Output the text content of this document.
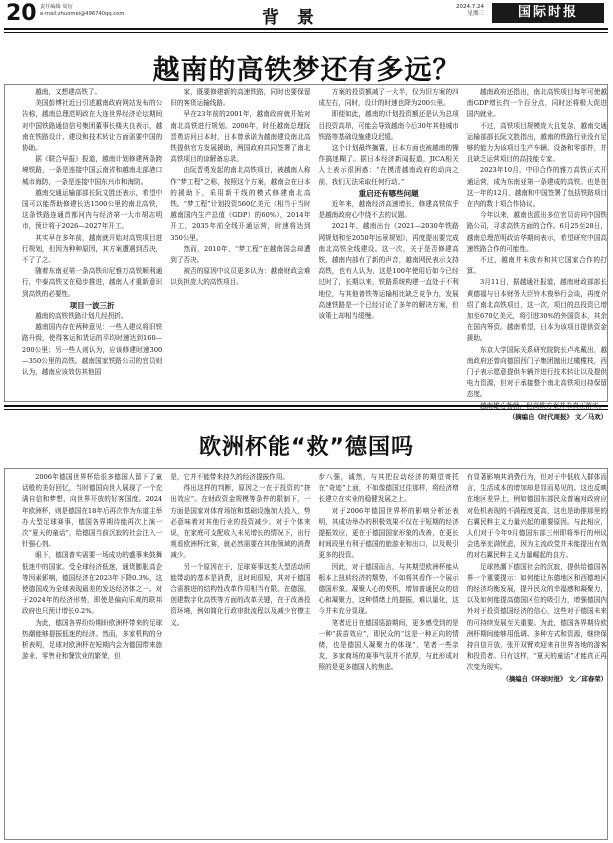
20 责任编辑 周衍
e-mail:zhuomei@496740qq.com	背 景
2024.7.24
星期三	国际时报
越南的高铁梦还有多远？

越南，又想建高铁了。

美国彭博社近日引述越南政府网站发布的公告称，越南总理范明政在大连世界经济论坛期间对中国铁路通信信号集团董事长楼夫良表示，越南在铁路设计、建设和技术转让方面需要中国的协助。

据《联合早报》报道，越南计划修建两条跨境铁路，一条是连接中国云南省和越南北部港口城市海防，一条是连接中国东兴市和海防。

越南交通运输部部长阮文胜还表示，希望中国可以能帮助修建长达1500公里的南北高铁，这条铁路连通首都河内与经济第一大市胡志明市，预计将于2026—2027年开工。

其实早在多年前，越南就开始对高铁项目进行规划，但因为种种原因，其方案遭遇到否决，不了了之。

随着东南亚第一条高铁印尼雅万高铁顺利通行，中泰高铁又在稳步推进，越南人才重新意识到高铁的必要性。

项目一波三折

越南的高铁铁路计划几经拐折。

越南国内存在两种意见：一些人建议将旧铁路升级，使得客运和货运的平均时速达到160—200公里；另一些人则认为，应该修建时速300—350公里的高铁。越南国家铁路公司的官员则认为，越南应该效仿其他国

家，既要修建新的高速铁路，同时也要保留旧的客货运输线路。

早在23年前的2001年，越南政府就开始对南北高铁进行规划。2006年，时任越南总理阮晋勇访问日本时，日本曾承诺为越南建设南北高铁提供官方发展援助，两国政府共同签署了南北高铁项目的谅解备忘录。

由阮晋勇发起的南北高铁项目，被越南人称作“梦工程”之称，按照这个方案，越南会在日本的援助下，采用新干线的模式修建南北高铁。“梦工程”计划投资560亿美元（相当于当时越南国内生产总值（GDP）的60%），2014年开工，2035年前全线开通运营，时速将达到350公里。

然而，2010年，“梦工程”在越南国会却遭到了否决。

被否的原因中议员更多认为：越南财政会难以负担庞大的高铁项目。

方案的投资额减了一大半，仅为旧方案的四成左右，同时，设计的时速也降为200公里。

即便如此，越南的计划投资额还是认为总项目投资高昂，可能会导致越南今后30年其他城市铁路等基础设施建设迟缓。

这个计划最终搁置，日本方面也被越南的操作搞迷糊了。据日本经济新闻报道，JICA相关人士表示很困惑：“在摸清越南政府的动向之前，我们无法采取任何行动。”

重启还有哪些问题

近年来，越南经济高速增长，修建高铁似乎是越南政府心中绕不去的议题。

2021年，越南出台《2021—2030年铁路网规划和至2050年远景规划》，再度提出要完成南北高铁全线建设。这一次，关于是否修建高铁，越南内部有了新的声音，越南网民表示支持高铁，也有人认为，这是100年使用后如今已经过时了，长期以来，铁路系统构建一直处于不利地位，与其他普铁等运输相比缺乏竞争力，发展高速铁路是一个已经讨论了多年的解决方案，但该策上却相当缓慢。

越南政府还指出，南北高铁项目每年可使越南GDP增长约一个百分点，同时还将极大促进国内就业。

不过，高铁项目规模庞大且复杂，越南交通运输部部长阮文胜指出，越南的铁路行业没有足够的能力为该项目生产车辆、设备和零部件，并且缺乏运营项目的高技能专家。

2023年10月，中印合作的雅万高铁正式开通运营，成为东南亚第一条建成的高铁。也是在这一年的12月，越南和中国签署了包括铁路项目在内的数十项合作协议。

今年以来，越南也派出多位官员访问中国铁路公司，寻求高铁方面的合作。6月25至28日，越南总理范明政访华期间表示，希望研究中国高速铁路合作的可能性。

不过，越南并未放弃和其它国家合作的打算。

3月11日，据越通社报道，越南财政部部长黄德福与日本财务大臣铃木俊举行会谈，再度介绍了南北高铁项目，这一次，项目的总投资已增加至670亿美元，将引进30%的外国资本，其余在国内筹资。越南希望，日本为该项目提供资金援助。

东京大学国际关系研究院院长卢兆戴出，越南政府还曾向德国西门子集团抛出过橄榄枝，西门子表示愿意提供车辆并进行技术转让以及提供电力资源，但对于承接整个南北高铁项目持保留态度。

越南雄心勃勃，但高铁方案并未真正落实。

（摘编自《时代周报》 文／马欢）

欧洲杯能“救”德国吗

2006年德国世界杯给很多德国人留下了童话般的美好回忆，当时德国向世人展现了一个充满自信和梦想，向世界开放的好客国度。2024年欧洲杯，则是德国在18年后再次作为东道主举办大型足球赛事，德国各界期待能再次上演一次“夏天的童话”，给德国当前沉寂的社会注入一针强心剂。

眼下，德国普实需要一场成功的盛事来鼓舞低迷中的国家。受全球经济低迷，通货膨胀高企等因素影响，德国经济在2023年下降0.3%，这使德国成为全球表现最差的发达经济体之一。对于2024年的经济形势，即使是偏向乐观的联邦政府也只预计增长0.2%。

为此，德国各界纷纷期盼欧洲杯带来的足球热潮能够提振低迷的经济。然而，多家机构的分析表明，足球对欧洲杯在短期内会为德国带来旅游业、零售业和餐饮业的繁荣，但

是，它并不能带来持久的经济提振作用。

得出这样的判断，原因之一在于投资的“挤出效应”。在财政资金规模等条件的限制下，一方面是国家对体育场馆和基础设施加大投入，势必意味着对其他行业的投资减少。对于个体来说，在家庭可支配收入未见增长的情况下，出行观看欧洲杯比赛，就必然需要在其他领域的消费减少。

另一个原因在于，足球赛事这类大型活动所能带动的基本是消费，且时间很短，其对于德国合需推进的结构性改革作用相当有限。在德国，创建数字化高铁等方面的改革关键，在于改善投资环境，例如简化行政审批流程以及减少官僚主义。

步八强，诚然，与其把拉动经济的期望寄托在“奇迹”上面，不如像德国过往那样，将经济增长建立在实业的稳健发展之上。

对于2006年德国世界杯的影响分析还表明，其成功举办的积极效果不仅在于短期的经济提振效应，更在于德国国家形象的改善，在更长时间段里有利于德国的旅游业和出口，以及吸引更多的投资。

因此，对于德国而言，与其期望欧洲杯能从根本上扭转经济的颓势，不如将其看作一个展示德国形象、凝聚人心的契机，增加普通民众的信心和凝聚力，这种情绪上的提振，难以量化，这今并未充分显现。

笔者近日在德国巡游期间，更多感受到的是一种“拔苗效应”，即民众的“这是一种正向的情绪，也是德国人凝聚力的体现”，笔者一些亲友，多家商场的赛事气氛并不浓厚，与此形成对照的是更多德国人的焦虑。

有显著影响其消费行为，但对于中低收入群体而言，生活成本的增加却是显而易见的。这也反映在地区差异上，例如德国东部民众普遍对政府应对危机表现的不满程度更高，这也是助推那里的右翼民粹主义力量兴起的重要原因。与此相应，人们对于今年9月德国东部三州即将举行的州议会选举充满忧虑，因为主流政党并未能提出有效的对右翼民粹主义力量崛起的良方。

足球热潮下德国社会的沉寂，提供给德国各界一个重要提示：如何能让东德地区和西德地区的经济均衡发展，提升民众的幸福感和凝聚力，以及如何能提高德国区位的吸引力，增强德国内外对于投资德国经济的信心，这些对于德国未来的可持续发展至关重要。为此，德国各界期待欧洲杯期间能够用低调、多种方式和资源，继续保持自信开放，张开双臂欢迎来自世界各地的游客和投资者。只有这样，“夏天的童话”才能真正再次变为现实。

（摘编自《环球时报》 文／邱春荣）
